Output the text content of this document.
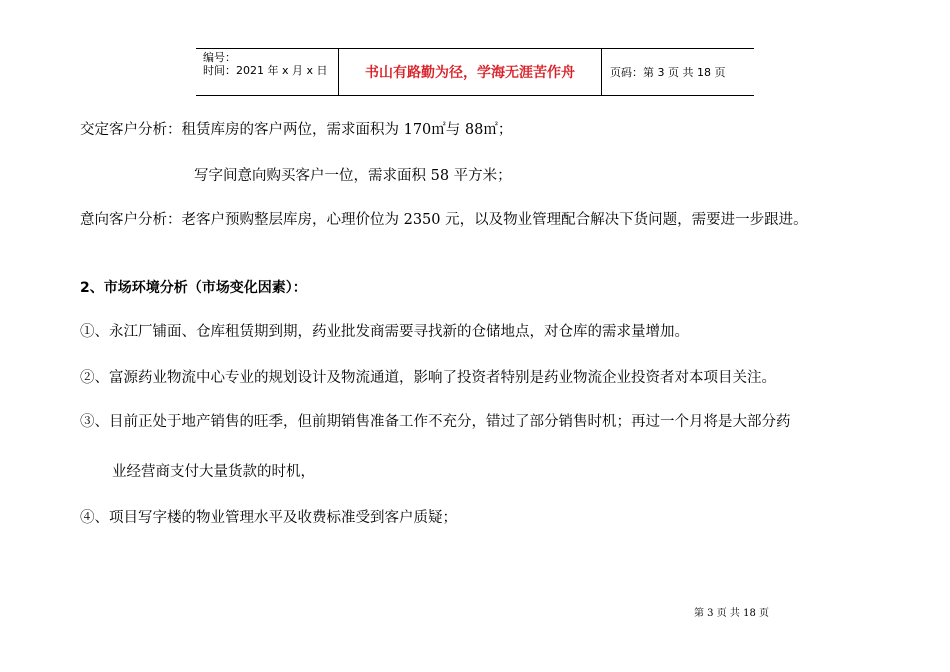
编号：
时间：2021 年 x 月 x 日	书山有路勤为径，学海无涯苦作舟	页码：第 3 页 共 18 页
交定客户分析：租赁库房的客户两位，需求面积为 170㎡与 88㎡；
写字间意向购买客户一位，需求面积 58 平方米；
意向客户分析：老客户预购整层库房，心理价位为 2350 元，以及物业管理配合解决下货问题，需要进一步跟进。
2、市场环境分析（市场变化因素）：
①、永江厂铺面、仓库租赁期到期，药业批发商需要寻找新的仓储地点，对仓库的需求量增加。
②、富源药业物流中心专业的规划设计及物流通道，影响了投资者特别是药业物流企业投资者对本项目关注。
③、目前正处于地产销售的旺季，但前期销售准备工作不充分，错过了部分销售时机；再过一个月将是大部分药
业经营商支付大量货款的时机，
④、项目写字楼的物业管理水平及收费标准受到客户质疑；
第 3 页 共 18 页
